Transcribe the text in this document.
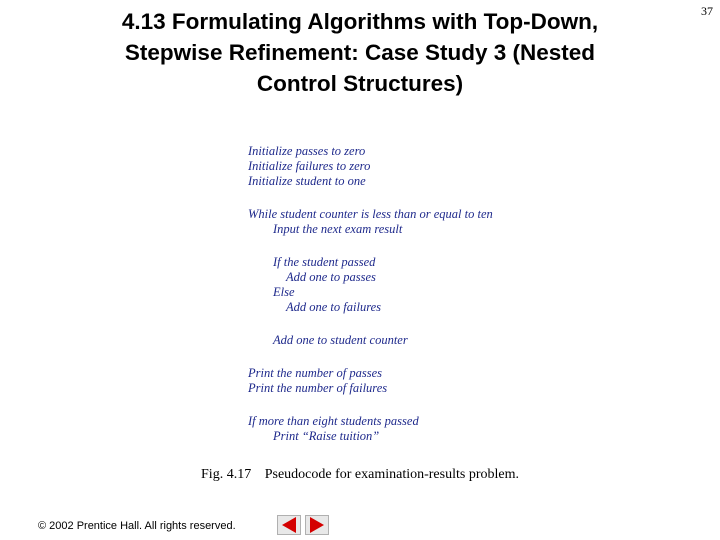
4.13 Formulating Algorithms with Top-Down,
Stepwise Refinement: Case Study 3 (Nested
Control Structures)
37
Initialize passes to zero
Initialize failures to zero
Initialize student to one
While student counter is less than or equal to ten
Input the next exam result
If the student passed
Add one to passes
Else
Add one to failures
Add one to student counter
Print the number of passes
Print the number of failures
If more than eight students passed
Print “Raise tuition”
Fig. 4.17 Pseudocode for examination-results problem.
© 2002 Prentice Hall. All rights reserved.
